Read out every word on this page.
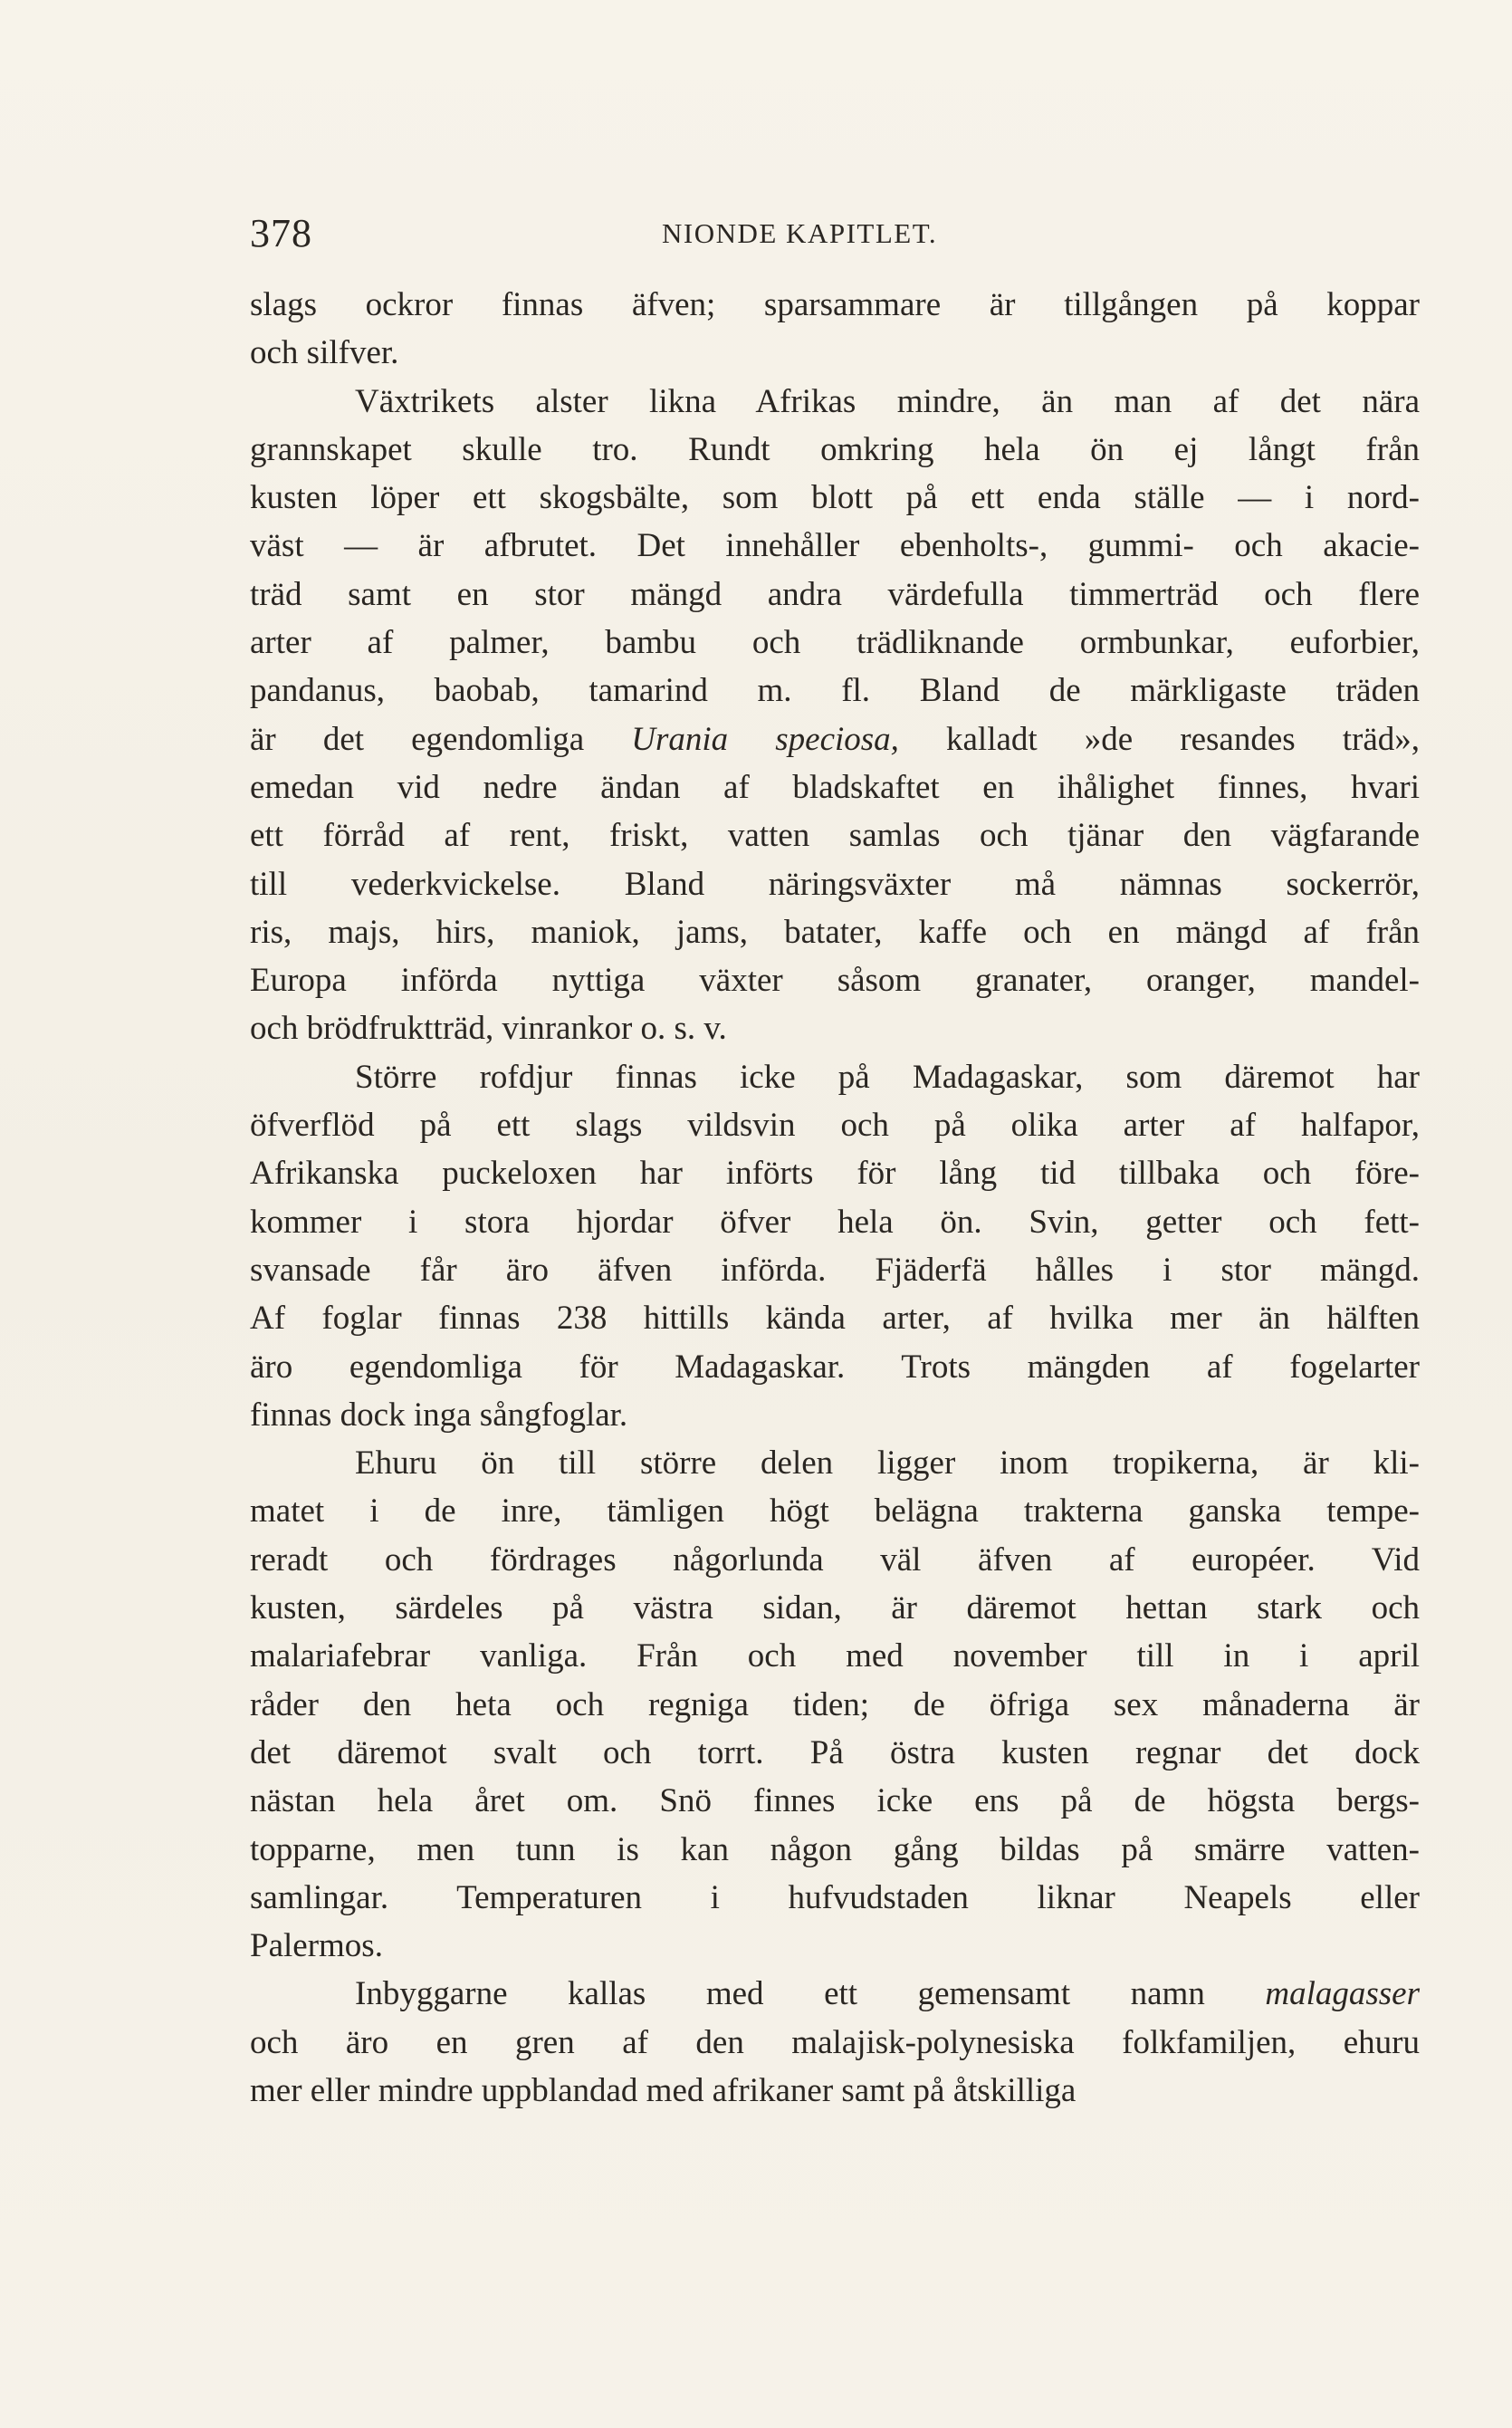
378	NIONDE KAPITLET.
slags ockror finnas äfven; sparsammare är tillgången på koppar
och silfver.
Växtrikets alster likna Afrikas mindre, än man af det nära
grannskapet skulle tro. Rundt omkring hela ön ej långt från
kusten löper ett skogsbälte, som blott på ett enda ställe — i nord-
väst — är afbrutet. Det innehåller ebenholts-, gummi- och akacie-
träd samt en stor mängd andra värdefulla timmerträd och flere
arter af palmer, bambu och trädliknande ormbunkar, euforbier,
pandanus, baobab, tamarind m. fl. Bland de märkligaste träden
är det egendomliga Urania speciosa, kalladt »de resandes träd»,
emedan vid nedre ändan af bladskaftet en ihålighet finnes, hvari
ett förråd af rent, friskt, vatten samlas och tjänar den vägfarande
till vederkvickelse. Bland näringsväxter må nämnas sockerrör,
ris, majs, hirs, maniok, jams, batater, kaffe och en mängd af från
Europa införda nyttiga växter såsom granater, oranger, mandel-
och brödfruktträd, vinrankor o. s. v.
Större rofdjur finnas icke på Madagaskar, som däremot har
öfverflöd på ett slags vildsvin och på olika arter af halfapor,
Afrikanska puckeloxen har införts för lång tid tillbaka och före-
kommer i stora hjordar öfver hela ön. Svin, getter och fett-
svansade får äro äfven införda. Fjäderfä hålles i stor mängd.
Af foglar finnas 238 hittills kända arter, af hvilka mer än hälften
äro egendomliga för Madagaskar. Trots mängden af fogelarter
finnas dock inga sångfoglar.
Ehuru ön till större delen ligger inom tropikerna, är kli-
matet i de inre, tämligen högt belägna trakterna ganska tempe-
reradt och fördrages någorlunda väl äfven af européer. Vid
kusten, särdeles på västra sidan, är däremot hettan stark och
malariafebrar vanliga. Från och med november till in i april
råder den heta och regniga tiden; de öfriga sex månaderna är
det däremot svalt och torrt. På östra kusten regnar det dock
nästan hela året om. Snö finnes icke ens på de högsta bergs-
topparne, men tunn is kan någon gång bildas på smärre vatten-
samlingar. Temperaturen i hufvudstaden liknar Neapels eller
Palermos.
Inbyggarne kallas med ett gemensamt namn malagasser
och äro en gren af den malajisk-polynesiska folkfamiljen, ehuru
mer eller mindre uppblandad med afrikaner samt på åtskilliga
